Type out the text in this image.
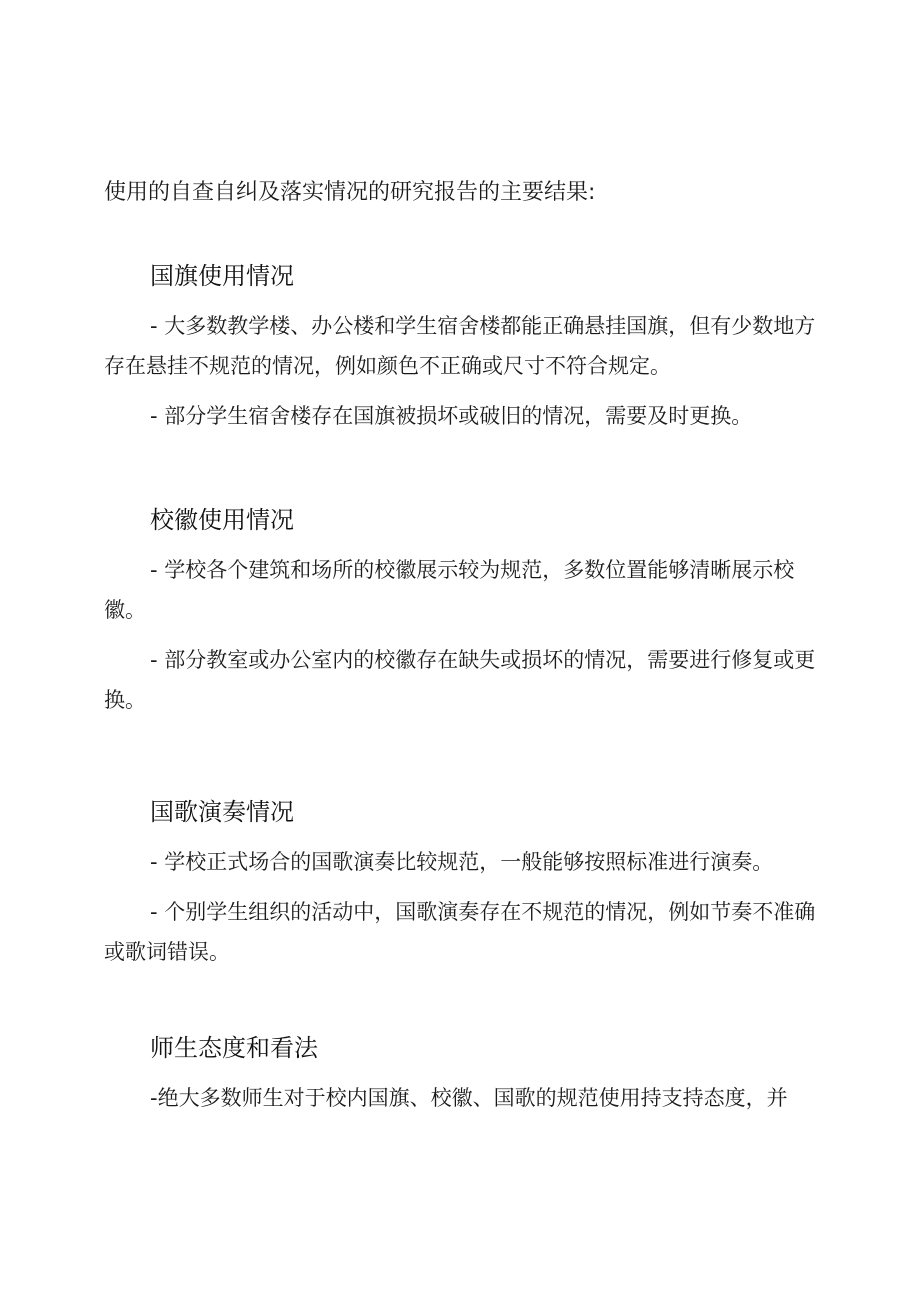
使用的自查自纠及落实情况的研究报告的主要结果:
国旗使用情况

- 大多数教学楼、办公楼和学生宿舍楼都能正确悬挂国旗，但有少数地方存在悬挂不规范的情况，例如颜色不正确或尺寸不符合规定。

- 部分学生宿舍楼存在国旗被损坏或破旧的情况，需要及时更换。

校徽使用情况

- 学校各个建筑和场所的校徽展示较为规范，多数位置能够清晰展示校徽。

- 部分教室或办公室内的校徽存在缺失或损坏的情况，需要进行修复或更换。

国歌演奏情况

- 学校正式场合的国歌演奏比较规范，一般能够按照标准进行演奏。

- 个别学生组织的活动中，国歌演奏存在不规范的情况，例如节奏不准确或歌词错误。

师生态度和看法

-绝大多数师生对于校内国旗、校徽、国歌的规范使用持支持态度，并
